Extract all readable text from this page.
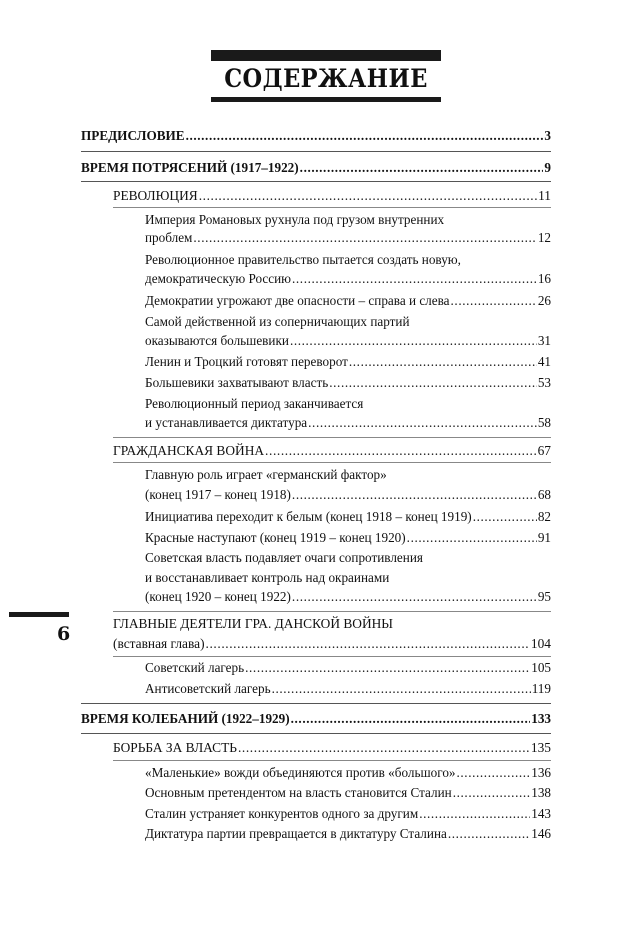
СОДЕРЖАНИЕ
ПРЕДИСЛОВИЕ .....	3
ВРЕМЯ ПОТРЯСЕНИЙ (1917–1922) .....	9
РЕВОЛЮЦИЯ .....	11
Империя Романовых рухнула под грузом внутренних
проблем .....	12
Революционное правительство пытается создать новую,
демократическую Россию .....	16
Демократии угрожают две опасности – справа и слева .....	26
Самой действенной из соперничающих партий
оказываются большевики .....	31
Ленин и Троцкий готовят переворот .....	41
Большевики захватывают власть .....	53
Революционный период заканчивается
и устанавливается диктатура .....	58
ГРАЖДАНСКАЯ ВОЙНА .....	67
Главную роль играет «германский фактор»
(конец 1917 – конец 1918) .....	68
Инициатива переходит к белым (конец 1918 – конец 1919) .....	82
Красные наступают (конец 1919 – конец 1920) .....	91
Советская власть подавляет очаги сопротивления
и восстанавливает контроль над окраинами
(конец 1920 – конец 1922) .....	95
ГЛАВНЫЕ ДЕЯТЕЛИ ГРА. ДАНСКОЙ ВОЙНЫ
(вставная глава) .....	104
Советский лагерь .....	105
Антисоветский лагерь .....	119
ВРЕМЯ КОЛЕБАНИЙ (1922–1929) .....	133
БОРЬБА ЗА ВЛАСТЬ .....	135
«Маленькие» вожди объединяются против «большого» .....	136
Основным претендентом на власть становится Сталин .....	138
Сталин устраняет конкурентов одного за другим .....	143
Диктатура партии превращается в диктатуру Сталина .....	146
6
